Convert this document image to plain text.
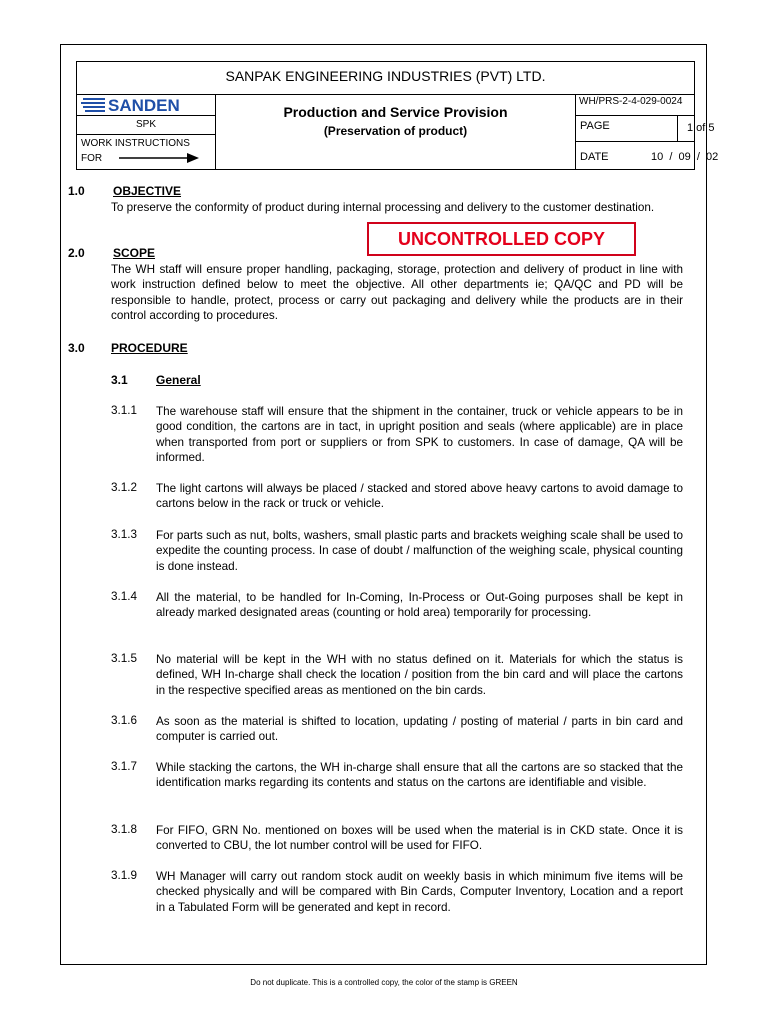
SANPAK ENGINEERING INDUSTRIES (PVT) LTD.
SANDEN
SPK
WORK INSTRUCTIONS
FOR
Production and Service Provision
(Preservation of product)
WH/PRS-2-4-029-0024
PAGE	1 of 5
DATE	10  /  09  /  02
UNCONTROLLED COPY
1.0 OBJECTIVE
To preserve the conformity of product during internal processing and delivery to the customer destination.
2.0 SCOPE
The WH staff will ensure proper handling, packaging, storage, protection and delivery of product in line with work instruction defined below to meet the objective. All other departments ie; QA/QC and PD will be responsible to handle, protect, process or carry out packaging and delivery while the products are in their control according to procedures.
3.0 PROCEDURE
3.1 General
3.1.1 The warehouse staff will ensure that the shipment in the container, truck or vehicle appears to be in good condition, the cartons are in tact, in upright position and seals (where applicable) are in place when transported from port or suppliers or from SPK to customers. In case of damage, QA will be informed.
3.1.2 The light cartons will always be placed / stacked and stored above heavy cartons to avoid damage to cartons below in the rack or truck or vehicle.
3.1.3 For parts such as nut, bolts, washers, small plastic parts and brackets weighing scale shall be used to expedite the counting process. In case of doubt / malfunction of the weighing scale, physical counting is done instead.
3.1.4 All the material, to be handled for In-Coming, In-Process or Out-Going purposes shall be kept in already marked designated areas (counting or hold area) temporarily for processing.
3.1.5 No material will be kept in the WH with no status defined on it. Materials for which the status is defined, WH In-charge shall check the location / position from the bin card and will place the cartons in the respective specified areas as mentioned on the bin cards.
3.1.6 As soon as the material is shifted to location, updating / posting of material / parts in bin card and computer is carried out.
3.1.7 While stacking the cartons, the WH in-charge shall ensure that all the cartons are so stacked that the identification marks regarding its contents and status on the cartons are identifiable and visible.
3.1.8 For FIFO, GRN No. mentioned on boxes will be used when the material is in CKD state. Once it is converted to CBU, the lot number control will be used for FIFO.
3.1.9 WH Manager will carry out random stock audit on weekly basis in which minimum five items will be checked physically and will be compared with Bin Cards, Computer Inventory, Location and a report in a Tabulated Form will be generated and kept in record.
Do not duplicate. This is a controlled copy, the color of the stamp is GREEN
